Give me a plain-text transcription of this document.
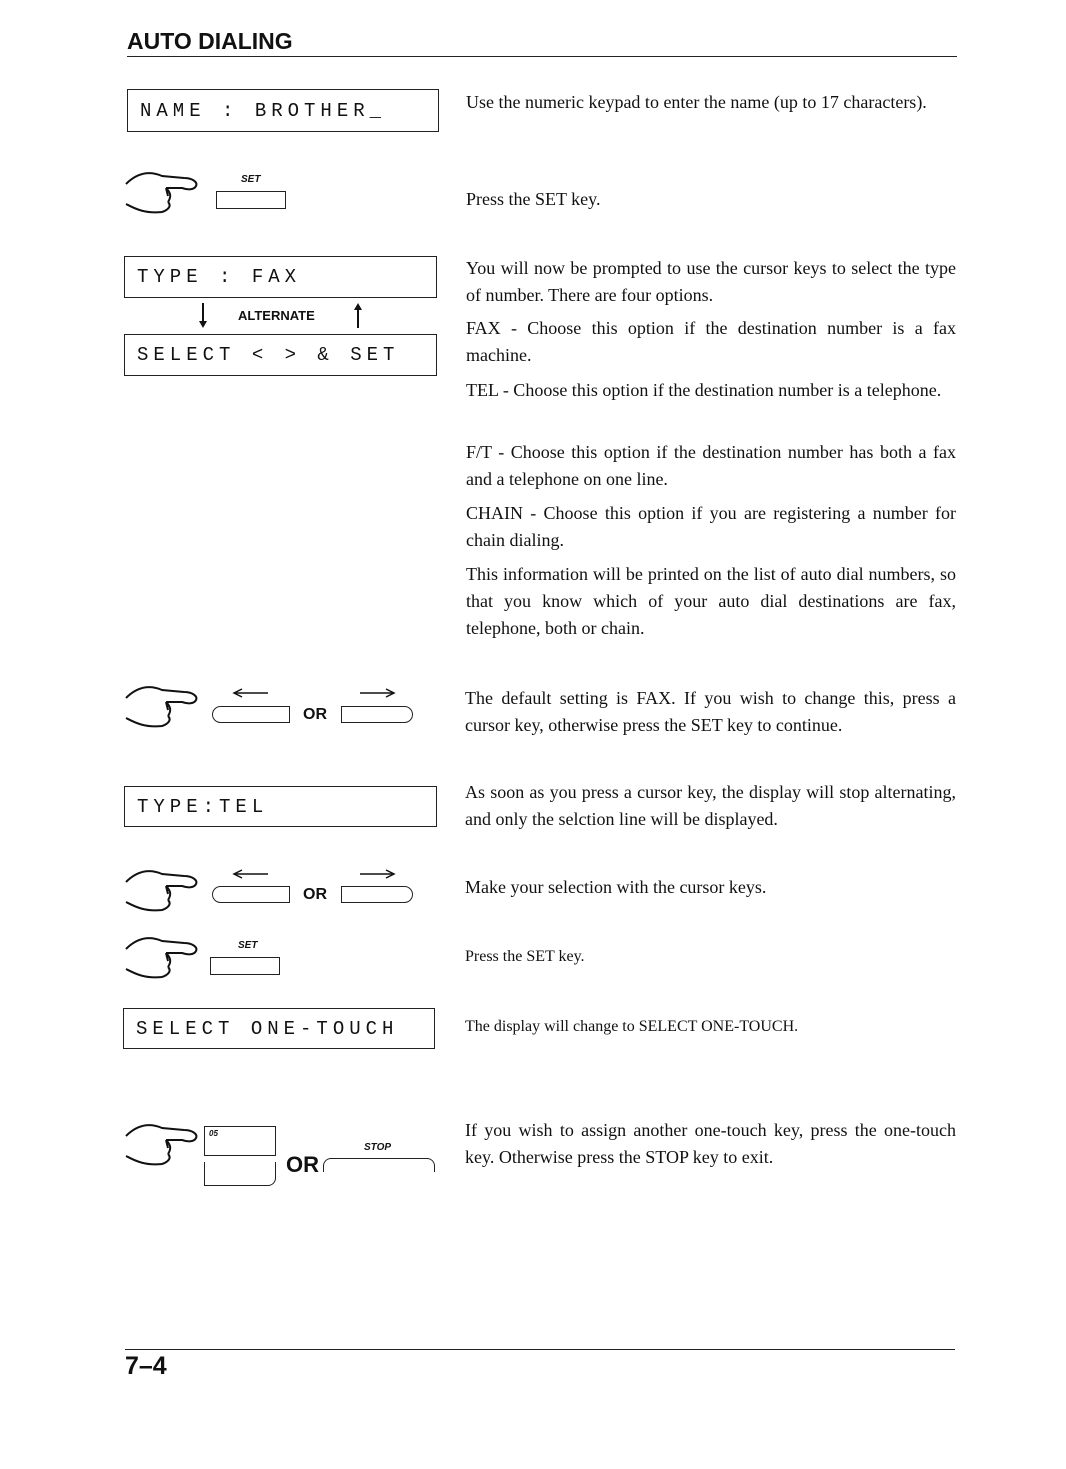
AUTO DIALING
NAME : BROTHER_	Use the numeric keypad to enter the name (up to 17 characters).
SET
Press the SET key.
TYPE : FAX
ALTERNATE
SELECT < > & SET
You will now be prompted to use the cursor keys to select the type of number. There are four options.
FAX - Choose this option if the destination number is a fax machine.
TEL - Choose this option if the destination number is a telephone.
F/T - Choose this option if the destination number has both a fax and a telephone on one line.
CHAIN - Choose this option if you are registering a number for chain dialing.
This information will be printed on the list of auto dial numbers, so that you know which of your auto dial destinations are fax, telephone, both or chain.
OR
The default setting is FAX. If you wish to change this, press a cursor key, otherwise press the SET key to continue.
TYPE:TEL
As soon as you press a cursor key, the display will stop alternating, and only the selction line will be displayed.
OR	Make your selection with the cursor keys.
SET
Press the SET key.
SELECT ONE-TOUCH	The display will change to SELECT ONE-TOUCH.
05
OR
STOP
If you wish to assign another one-touch key, press the one-touch key. Otherwise press the STOP key to exit.
7–4
